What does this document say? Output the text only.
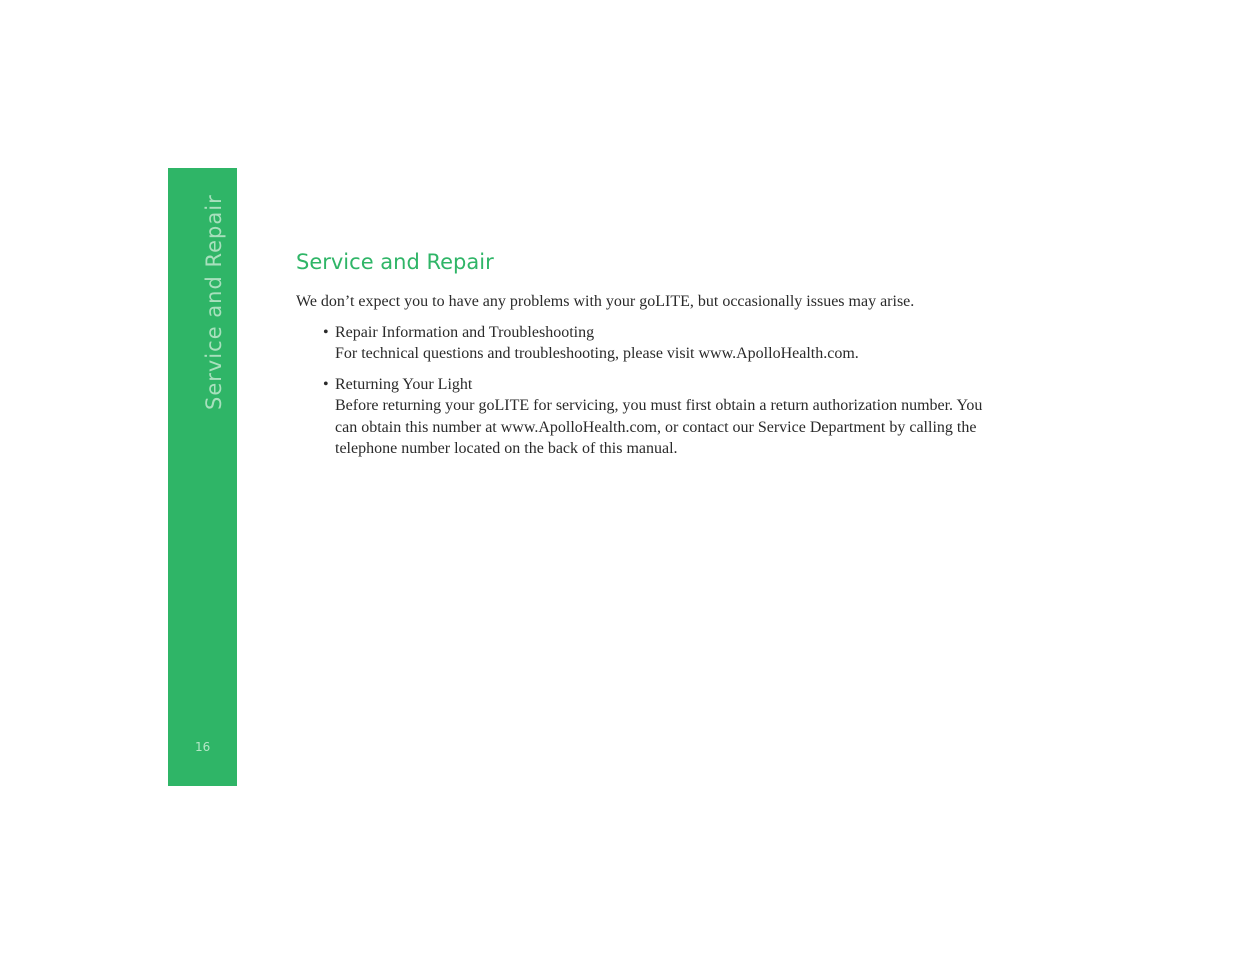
Service and Repair
16
Service and Repair

We don’t expect you to have any problems with your goLITE, but occasionally issues may arise.

• Repair Information and Troubleshooting

For technical questions and troubleshooting, please visit www.ApolloHealth.com.

• Returning Your Light

Before returning your goLITE for servicing, you must first obtain a return authorization number. You can obtain this number at www.ApolloHealth.com, or contact our Service Department by calling the telephone number located on the back of this manual.
